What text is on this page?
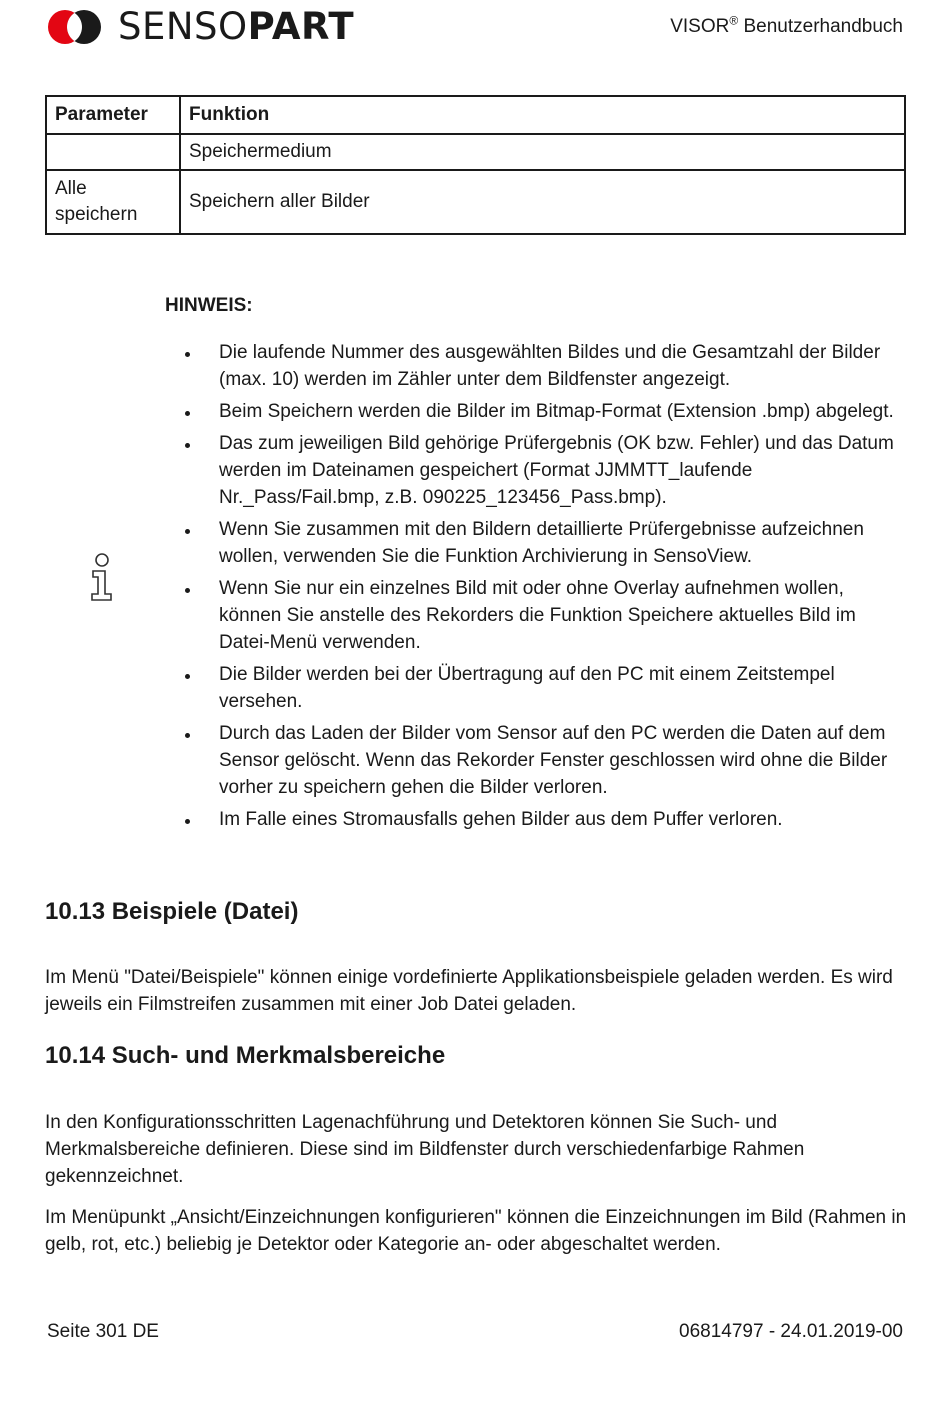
SENSOPART	VISOR® Benutzerhandbuch
Parameter	Funktion
	Speichermedium
Alle speichern	Speichern aller Bilder
HINWEIS:
Die laufende Nummer des ausgewählten Bildes und die Gesamtzahl der Bilder (max. 10) werden im Zähler unter dem Bildfenster angezeigt.
Beim Speichern werden die Bilder im Bitmap-Format (Extension .bmp) abgelegt.
Das zum jeweiligen Bild gehörige Prüfergebnis (OK bzw. Fehler) und das Datum werden im Dateinamen gespeichert (Format JJMMTT_laufende Nr._Pass/Fail.bmp, z.B. 090225_123456_Pass.bmp).
Wenn Sie zusammen mit den Bildern detaillierte Prüfergebnisse aufzeichnen wollen, verwenden Sie die Funktion Archivierung in SensoView.
Wenn Sie nur ein einzelnes Bild mit oder ohne Overlay aufnehmen wollen, können Sie anstelle des Rekorders die Funktion Speichere aktuelles Bild im Datei-Menü verwenden.
Die Bilder werden bei der Übertragung auf den PC mit einem Zeitstempel versehen.
Durch das Laden der Bilder vom Sensor auf den PC werden die Daten auf dem Sensor gelöscht. Wenn das Rekorder Fenster geschlossen wird ohne die Bilder vorher zu speichern gehen die Bilder verloren.
Im Falle eines Stromausfalls gehen Bilder aus dem Puffer verloren.
10.13 Beispiele (Datei)

Im Menü "Datei/Beispiele" können einige vordefinierte Applikationsbeispiele geladen werden. Es wird jeweils ein Filmstreifen zusammen mit einer Job Datei geladen.

10.14 Such- und Merkmalsbereiche

In den Konfigurationsschritten Lagenachführung und Detektoren können Sie Such- und Merkmalsbereiche definieren. Diese sind im Bildfenster durch verschiedenfarbige Rahmen gekennzeichnet.

Im Menüpunkt „Ansicht/Einzeichnungen konfigurieren" können die Einzeichnungen im Bild (Rahmen in gelb, rot, etc.) beliebig je Detektor oder Kategorie an- oder abgeschaltet werden.

Seite 301 DE	06814797 - 24.01.2019-00
